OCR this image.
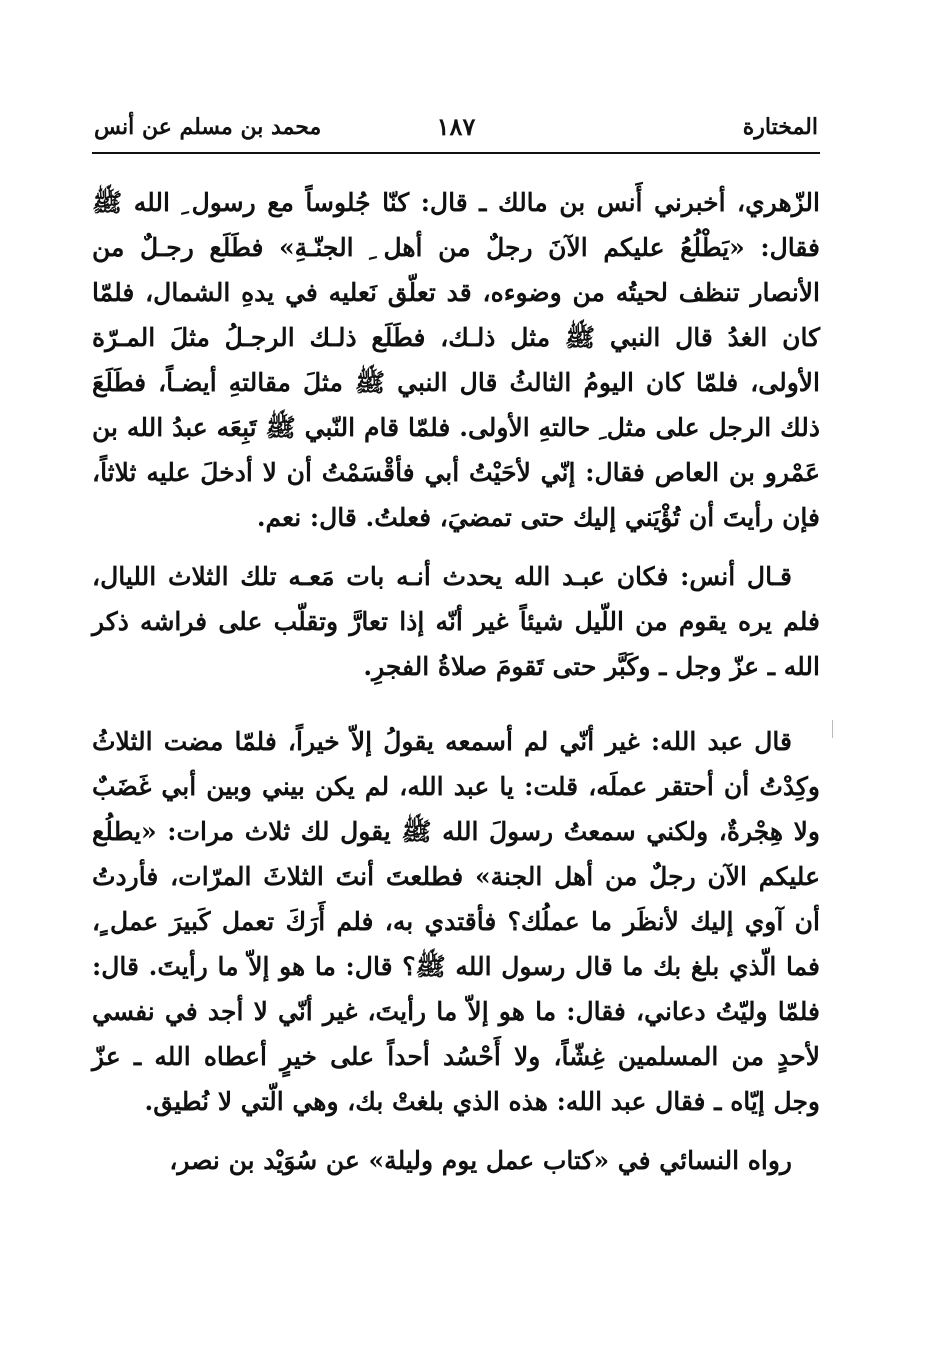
المختارة
١٨٧
محمد بن مسلم عن أنس

الزّهري، أخبرني أَنس بن مالك ـ قال: كنّا جُلوساً مع رسول ِ الله ﷺ فقال: «يَطْلُعُ عليكم الآنَ رجلٌ من أهل ِ الجنّـةِ» فطَلَع رجـلٌ من الأنصار تنظف لحيتُه من وضوءه، قد تعلّق نَعليه في يدهِ الشمال، فلمّا كان الغدُ قال النبي ﷺ مثل ذلـك، فطَلَع ذلـك الرجـلُ مثلَ المـرّة الأولى، فلمّا كان اليومُ الثالثُ قال النبي ﷺ مثلَ مقالتهِ أيضـاً، فطَلَعَ ذلك الرجل على مثل ِ حالتهِ الأولى. فلمّا قام النّبي ﷺ تَبِعَه عبدُ الله بن عَمْرو بن العاص فقال: إنّي لأحَيْتُ أبي فأقْسَمْتُ أن لا أدخلَ عليه ثلاثاً، فإن رأيتَ أن تُؤْيَني إليك حتى تمضيَ، فعلتُ. قال: نعم.

قـال أنس: فكان عبـد الله يحدث أنـه بات مَعـه تلك الثلاث الليال، فلم يره يقوم من اللّيل شيئاً غير أنّه إذا تعارَّ وتقلّب على فراشه ذكر الله ـ عزّ وجل ـ وكَبَّر حتى تَقومَ صلاةُ الفجرِ.

قال عبد الله: غير أنّي لم أسمعه يقولُ إلاّ خيراً، فلمّا مضت الثلاثُ وكِدْتُ أن أحتقر عملَه، قلت: يا عبد الله، لم يكن بيني وبين أبي غَضَبٌ ولا هِجْرةٌ، ولكني سمعتُ رسولَ الله ﷺ يقول لك ثلاث مرات: «يطلُع عليكم الآن رجلٌ من أهل الجنة» فطلعتَ أنتَ الثلاثَ المرّات، فأردتُ أن آوي إليك لأنظَر ما عملُك؟ فأقتدي به، فلم أَرَكَ تعمل كَبيرَ عمل ٍ، فما الّذي بلغ بك ما قال رسول الله ﷺ؟ قال: ما هو إلاّ ما رأيتَ. قال: فلمّا وليّتُ دعاني، فقال: ما هو إلاّ ما رأيتَ، غير أنّي لا أجد في نفسي لأحدٍ من المسلمين غِشّاً، ولا أَحْسُد أحداً على خيرٍ أعطاه الله ـ عزّ وجل إيّاه ـ فقال عبد الله: هذه الذي بلغتْ بك، وهي الّتي لا نُطيق.

رواه النسائي في «كتاب عمل يوم وليلة» عن سُوَيْد بن نصر،
